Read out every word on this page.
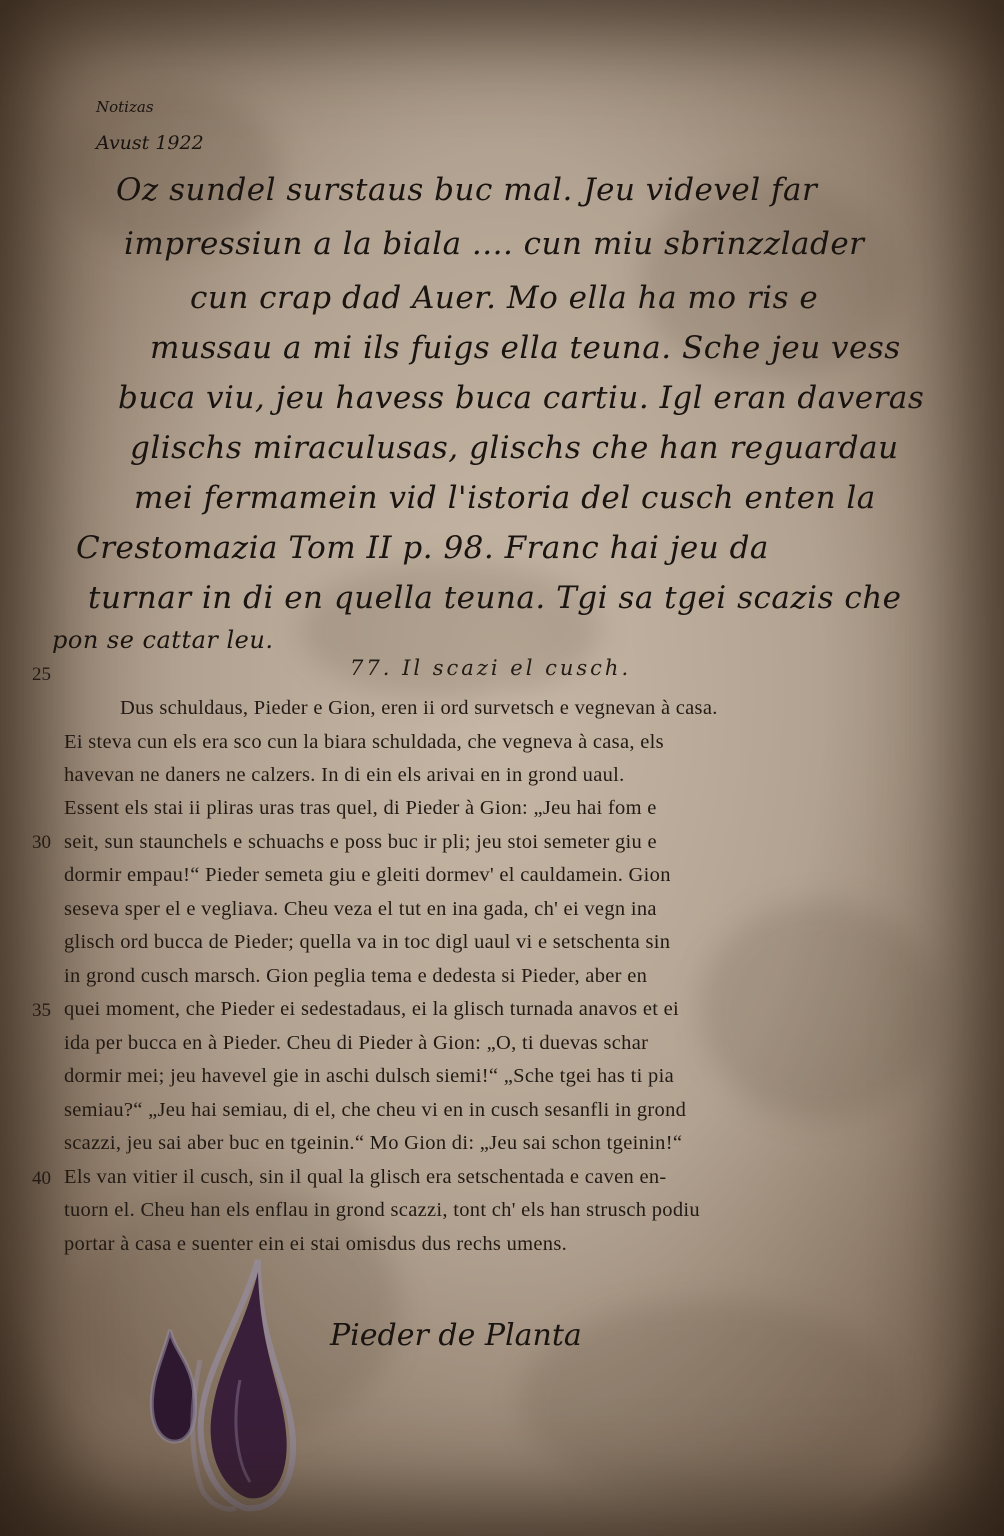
Notizas
Avust 1922
Oz sundel surstaus buc mal. Jeu videvel far
impressiun a la biala .... cun miu sbrinzzlader
cun crap dad Auer. Mo ella ha mo ris e
mussau a mi ils fuigs ella teuna. Sche jeu vess
buca viu, jeu havess buca cartiu. Igl eran daveras
glischs miraculusas, glischs che han reguardau
mei fermamein vid l'istoria del cusch enten la
Crestomazia Tom II p. 98. Franc hai jeu da
turnar in di en quella teuna. Tgi sa tgei scazis che
pon se cattar leu.
77. Il scazi el cusch.
25
30
35
40
Dus schuldaus, Pieder e Gion, eren ii ord survetsch e vegnevan à casa.
Ei steva cun els era sco cun la biara schuldada, che vegneva à casa, els
havevan ne daners ne calzers. In di ein els arivai en in grond uaul.
Essent els stai ii pliras uras tras quel, di Pieder à Gion: „Jeu hai fom e
seit, sun staunchels e schuachs e poss buc ir pli; jeu stoi semeter giu e
dormir empau!“ Pieder semeta giu e gleiti dormev' el cauldamein. Gion
seseva sper el e vegliava. Cheu veza el tut en ina gada, ch' ei vegn ina
glisch ord bucca de Pieder; quella va in toc digl uaul vi e setschenta sin
in grond cusch marsch. Gion peglia tema e dedesta si Pieder, aber en
quei moment, che Pieder ei sedestadaus, ei la glisch turnada anavos et ei
ida per bucca en à Pieder. Cheu di Pieder à Gion: „O, ti duevas schar
dormir mei; jeu havevel gie in aschi dulsch siemi!“ „Sche tgei has ti pia
semiau?“ „Jeu hai semiau, di el, che cheu vi en in cusch sesanfli in grond
scazzi, jeu sai aber buc en tgeinin.“ Mo Gion di: „Jeu sai schon tgeinin!“
Els van vitier il cusch, sin il qual la glisch era setschentada e caven en-
tuorn el. Cheu han els enflau in grond scazzi, tont ch' els han strusch podiu
portar à casa e suenter ein ei stai omisdus dus rechs umens.
Pieder de Planta
